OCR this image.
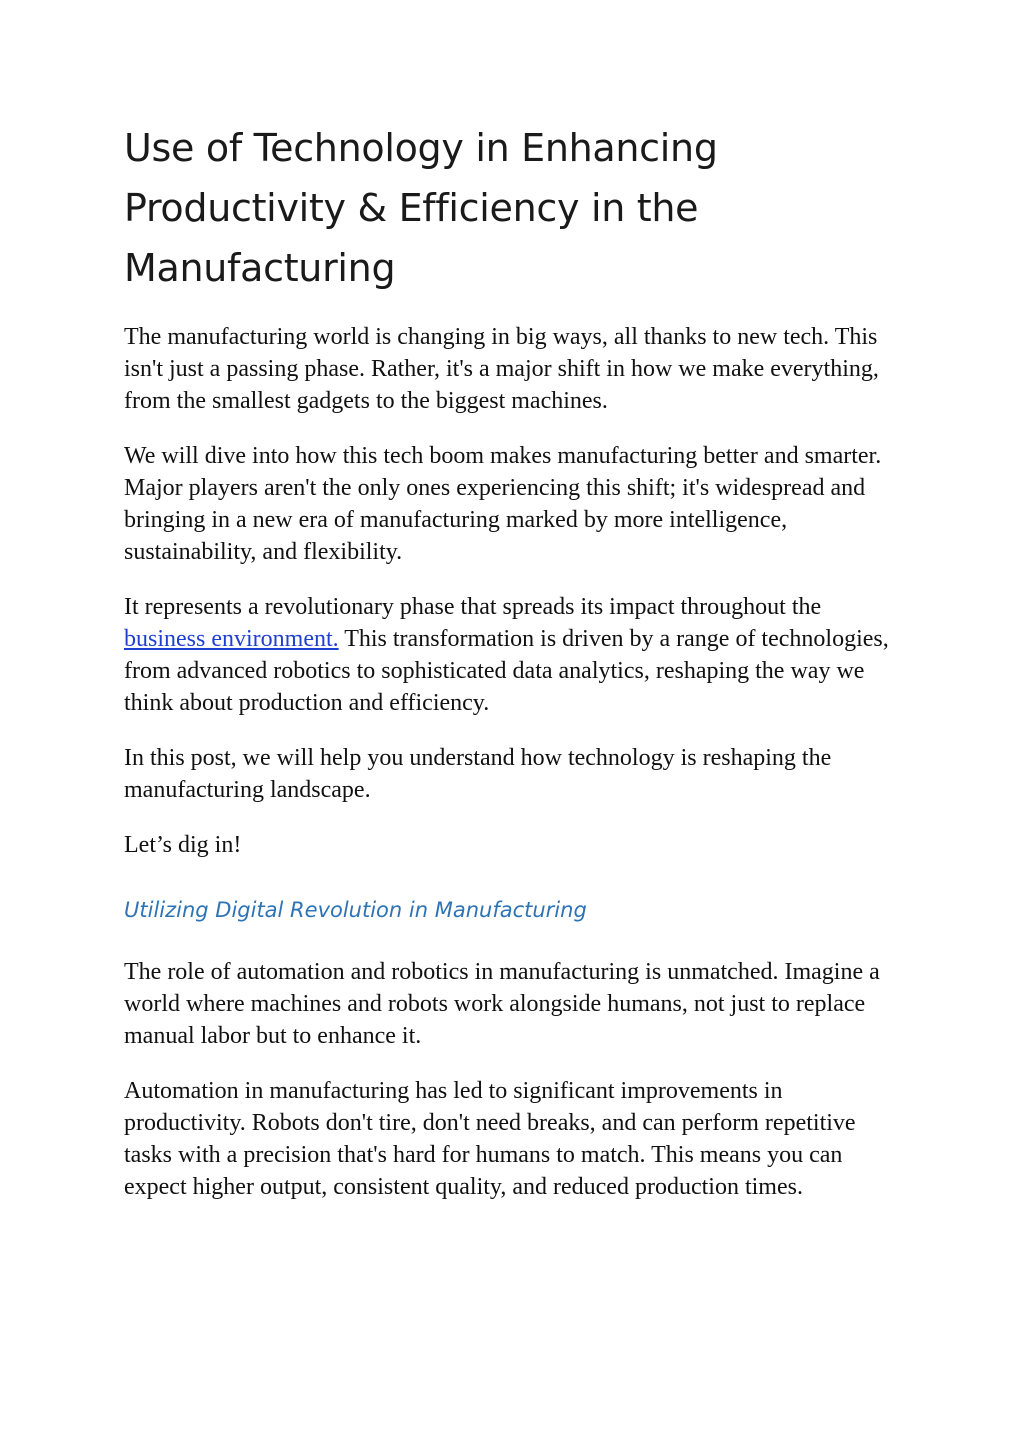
Use of Technology in Enhancing Productivity & Efficiency in the Manufacturing

The manufacturing world is changing in big ways, all thanks to new tech. This isn't just a passing phase. Rather, it's a major shift in how we make everything, from the smallest gadgets to the biggest machines.

We will dive into how this tech boom makes manufacturing better and smarter. Major players aren't the only ones experiencing this shift; it's widespread and bringing in a new era of manufacturing marked by more intelligence, sustainability, and flexibility.

It represents a revolutionary phase that spreads its impact throughout the business environment. This transformation is driven by a range of technologies, from advanced robotics to sophisticated data analytics, reshaping the way we think about production and efficiency.

In this post, we will help you understand how technology is reshaping the manufacturing landscape.

Let’s dig in!

Utilizing Digital Revolution in Manufacturing

The role of automation and robotics in manufacturing is unmatched. Imagine a world where machines and robots work alongside humans, not just to replace manual labor but to enhance it.

Automation in manufacturing has led to significant improvements in productivity. Robots don't tire, don't need breaks, and can perform repetitive tasks with a precision that's hard for humans to match. This means you can expect higher output, consistent quality, and reduced production times.
